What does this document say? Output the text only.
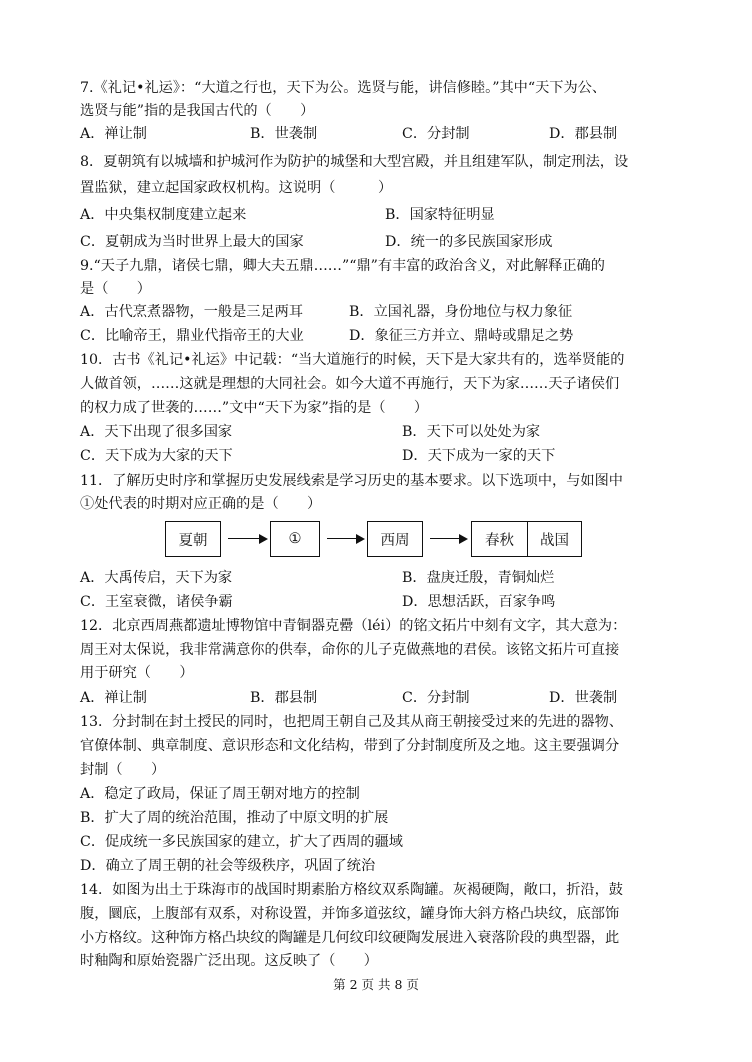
7.《礼记•礼运》：“大道之行也，天下为公。选贤与能，讲信修睦。”其中“天下为公、
选贤与能”指的是我国古代的（　　）
A．禅让制	B．世袭制	C．分封制	D．郡县制
8．夏朝筑有以城墙和护城河作为防护的城堡和大型宫殿，并且组建军队，制定刑法，设
置监狱，建立起国家政权机构。这说明（　　　）
A．中央集权制度建立起来	B．国家特征明显
C．夏朝成为当时世界上最大的国家	D．统一的多民族国家形成
9.“天子九鼎，诸侯七鼎，卿大夫五鼎……”“鼎”有丰富的政治含义，对此解释正确的
是（　　）
A．古代烹煮器物，一般是三足两耳	B．立国礼器，身份地位与权力象征
C．比喻帝王，鼎业代指帝王的大业	D．象征三方并立、鼎峙或鼎足之势
10．古书《礼记•礼运》中记载：“当大道施行的时候，天下是大家共有的，选举贤能的
人做首领，……这就是理想的大同社会。如今大道不再施行，天下为家……天子诸侯们
的权力成了世袭的……”文中“天下为家”指的是（　　）
A．天下出现了很多国家	B．天下可以处处为家
C．天下成为大家的天下	D．天下成为一家的天下
11．了解历史时序和掌握历史发展线索是学习历史的基本要求。以下选项中，与如图中
①处代表的时期对应正确的是（　　）
夏朝	①	西周	春秋	战国
A．大禹传启，天下为家	B．盘庚迁殷，青铜灿烂
C．王室衰微，诸侯争霸	D．思想活跃，百家争鸣
12．北京西周燕都遗址博物馆中青铜器克罍（léi）的铭文拓片中刻有文字，其大意为：
周王对太保说，我非常满意你的供奉，命你的儿子克做燕地的君侯。该铭文拓片可直接
用于研究（　　）
A．禅让制	B．郡县制	C．分封制	D．世袭制
13．分封制在封土授民的同时，也把周王朝自己及其从商王朝接受过来的先进的器物、
官僚体制、典章制度、意识形态和文化结构，带到了分封制度所及之地。这主要强调分
封制（　　）
A．稳定了政局，保证了周王朝对地方的控制
B．扩大了周的统治范围，推动了中原文明的扩展
C．促成统一多民族国家的建立，扩大了西周的疆域
D．确立了周王朝的社会等级秩序，巩固了统治
14．如图为出土于珠海市的战国时期素胎方格纹双系陶罐。灰褐硬陶，敞口，折沿，鼓
腹，圜底，上腹部有双系，对称设置，并饰多道弦纹，罐身饰大斜方格凸块纹，底部饰
小方格纹。这种饰方格凸块纹的陶罐是几何纹印纹硬陶发展进入衰落阶段的典型器，此
时釉陶和原始瓷器广泛出现。这反映了（　　）
第 2 页 共 8 页
